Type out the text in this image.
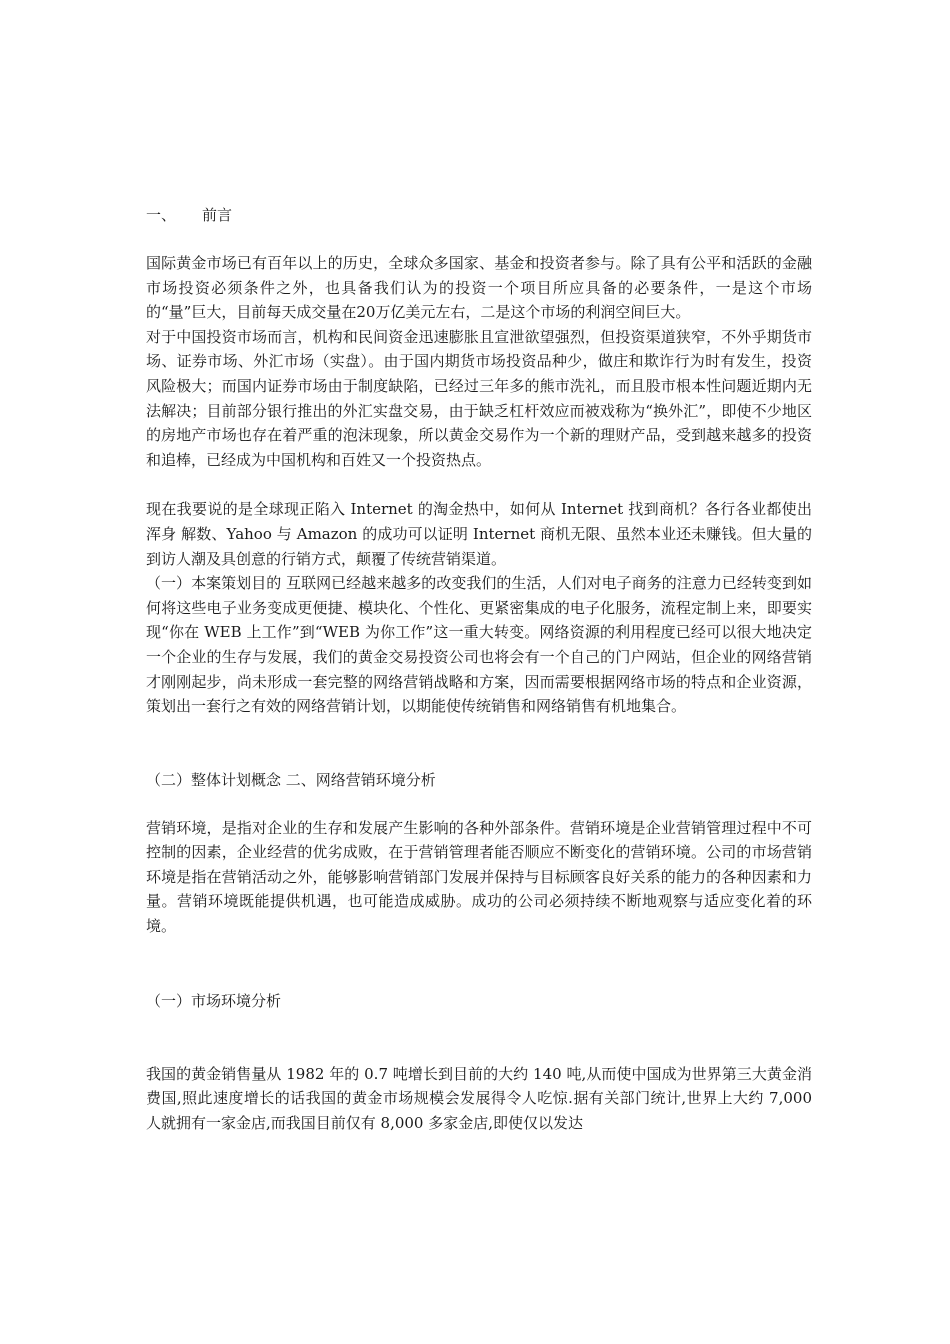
一、 前言

国际黄金市场已有百年以上的历史，全球众多国家、基金和投资者参与。除了具有公平和活跃的金融市场投资必须条件之外，也具备我们认为的投资一个项目所应具备的必要条件，一是这个市场的“量”巨大，目前每天成交量在20万亿美元左右，二是这个市场的利润空间巨大。

对于中国投资市场而言，机构和民间资金迅速膨胀且宣泄欲望强烈，但投资渠道狭窄，不外乎期货市场、证券市场、外汇市场（实盘）。由于国内期货市场投资品种少，做庄和欺诈行为时有发生，投资风险极大；而国内证券市场由于制度缺陷，已经过三年多的熊市洗礼，而且股市根本性问题近期内无法解决；目前部分银行推出的外汇实盘交易，由于缺乏杠杆效应而被戏称为“换外汇”，即使不少地区的房地产市场也存在着严重的泡沫现象，所以黄金交易作为一个新的理财产品，受到越来越多的投资和追棒，已经成为中国机构和百姓又一个投资热点。

现在我要说的是全球现正陷入 Internet 的淘金热中，如何从 Internet 找到商机？各行各业都使出浑身 解数、Yahoo 与 Amazon 的成功可以证明 Internet 商机无限、虽然本业还未赚钱。但大量的 到访人潮及具创意的行销方式，颠覆了传统营销渠道。

（一）本案策划目的 互联网已经越来越多的改变我们的生活，人们对电子商务的注意力已经转变到如何将这些电子业务变成更便捷、模块化、个性化、更紧密集成的电子化服务，流程定制上来，即要实现“你在 WEB 上工作”到“WEB 为你工作”这一重大转变。网络资源的利用程度已经可以很大地决定一个企业的生存与发展，我们的黄金交易投资公司也将会有一个自己的门户网站，但企业的网络营销才刚刚起步，尚未形成一套完整的网络营销战略和方案，因而需要根据网络市场的特点和企业资源，策划出一套行之有效的网络营销计划，以期能使传统销售和网络销售有机地集合。

（二）整体计划概念 二、网络营销环境分析

营销环境，是指对企业的生存和发展产生影响的各种外部条件。营销环境是企业营销管理过程中不可控制的因素，企业经营的优劣成败，在于营销管理者能否顺应不断变化的营销环境。公司的市场营销环境是指在营销活动之外，能够影响营销部门发展并保持与目标顾客良好关系的能力的各种因素和力量。营销环境既能提供机遇，也可能造成威胁。成功的公司必须持续不断地观察与适应变化着的环境。

（一）市场环境分析

我国的黄金销售量从 1982 年的 0.7 吨增长到目前的大约 140 吨,从而使中国成为世界第三大黄金消费国,照此速度增长的话我国的黄金市场规模会发展得令人吃惊.据有关部门统计,世界上大约 7,000 人就拥有一家金店,而我国目前仅有 8,000 多家金店,即使仅以发达
